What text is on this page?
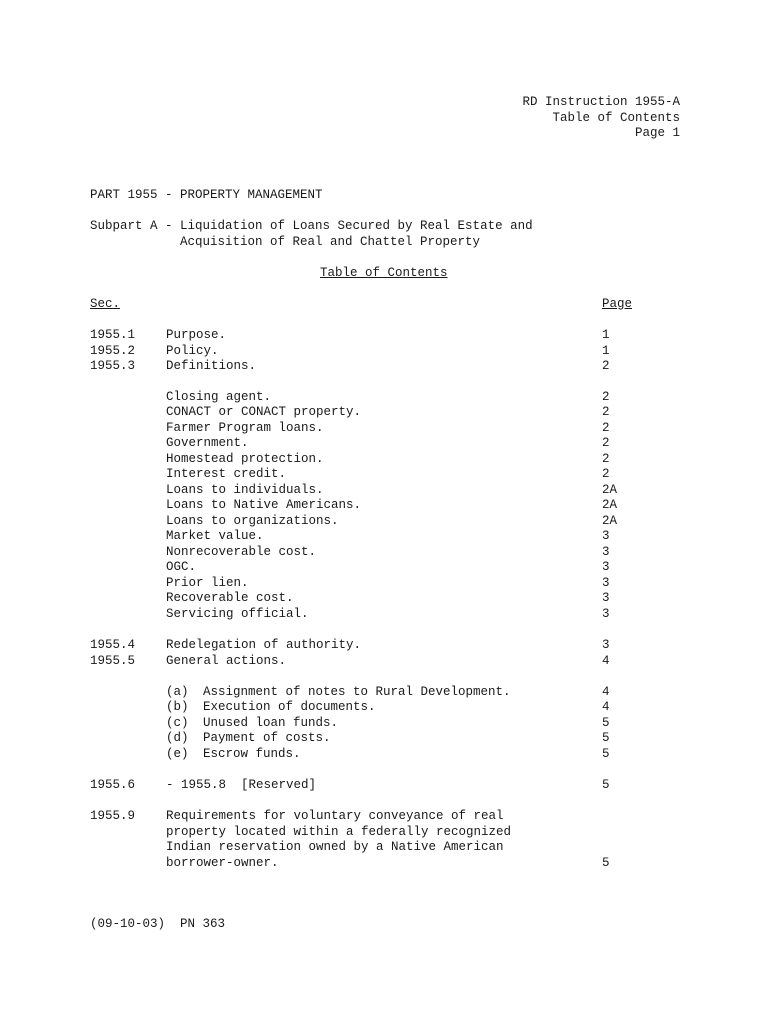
RD Instruction 1955-A
Table of Contents
Page 1
PART 1955 - PROPERTY MANAGEMENT
Subpart A - Liquidation of Loans Secured by Real Estate and
Acquisition of Real and Chattel Property
Table of Contents
Sec.	Page
1955.1 Purpose.	1
1955.2 Policy.	1
1955.3 Definitions.	2
Closing agent.	2
CONACT or CONACT property.	2
Farmer Program loans.	2
Government.	2
Homestead protection.	2
Interest credit.	2
Loans to individuals.	2A
Loans to Native Americans.	2A
Loans to organizations.	2A
Market value.	3
Nonrecoverable cost.	3
OGC.	3
Prior lien.	3
Recoverable cost.	3
Servicing official.	3
1955.4 Redelegation of authority.	3
1955.5 General actions.	4
(a) Assignment of notes to Rural Development.	4
(b) Execution of documents.	4
(c) Unused loan funds.	5
(d) Payment of costs.	5
(e) Escrow funds.	5
1955.6 - 1955.8  [Reserved]	5
1955.9 Requirements for voluntary conveyance of real
property located within a federally recognized
Indian reservation owned by a Native American
borrower-owner.	5
(09-10-03)  PN 363
